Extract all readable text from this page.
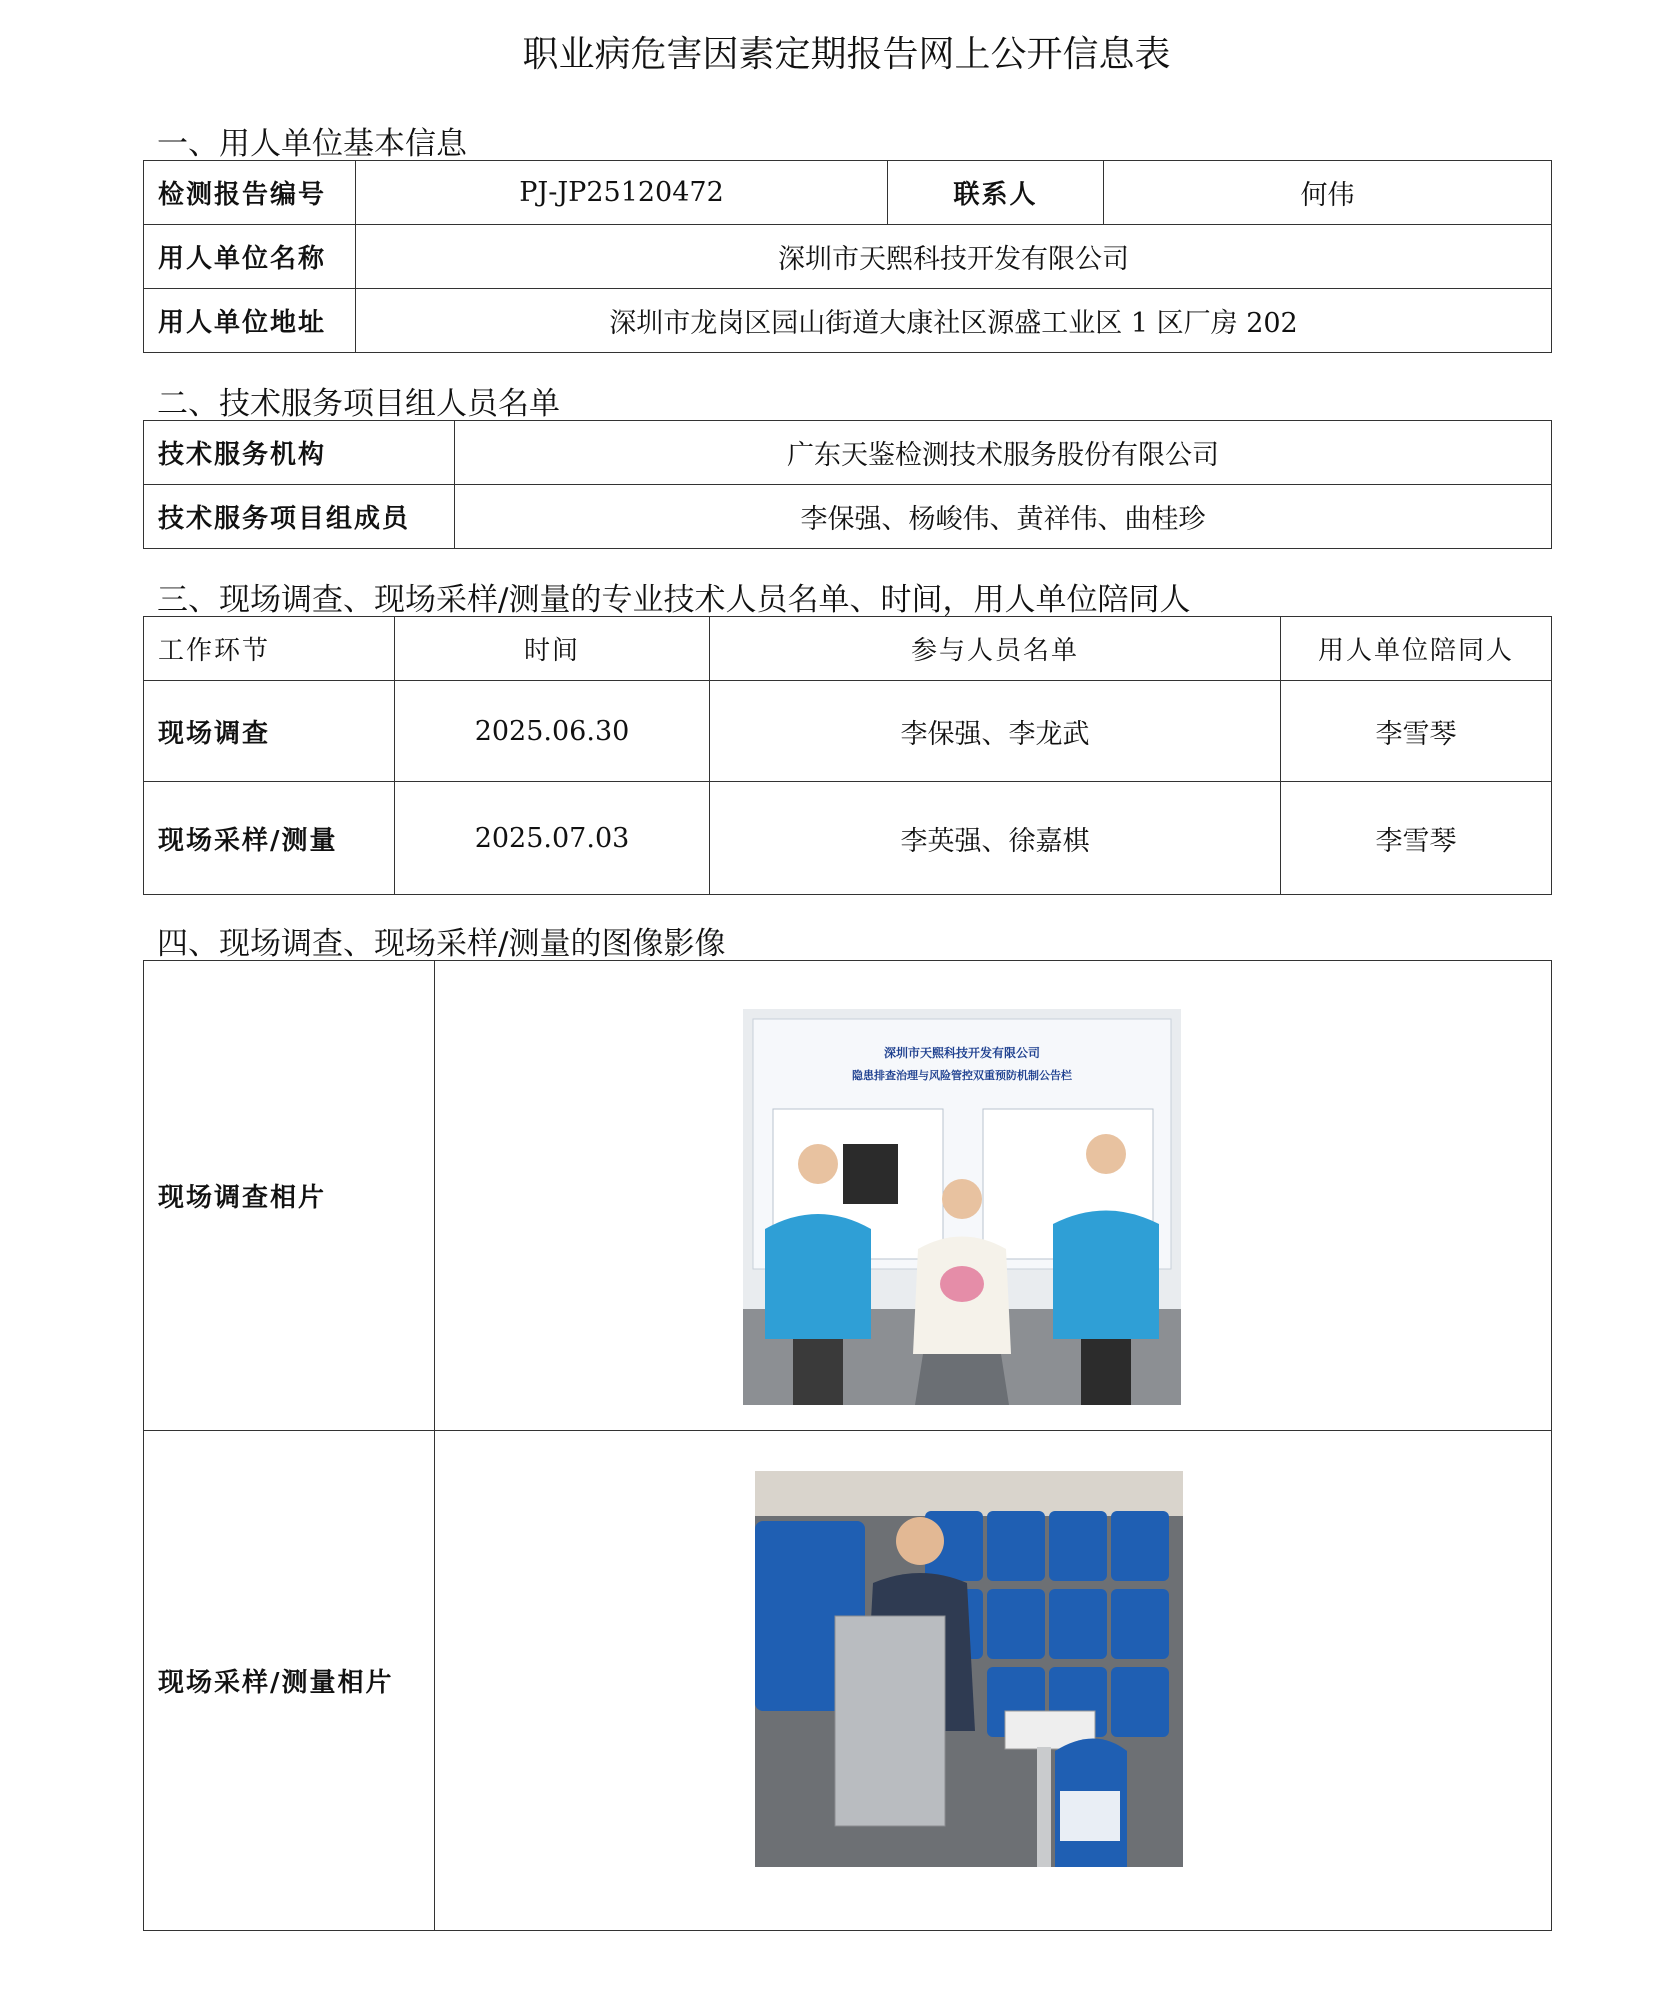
职业病危害因素定期报告网上公开信息表
一、用人单位基本信息
检测报告编号	PJ-JP25120472	联系人	何伟
用人单位名称	深圳市天熙科技开发有限公司		
用人单位地址	深圳市龙岗区园山街道大康社区源盛工业区 1 区厂房 202		
二、技术服务项目组人员名单
技术服务机构	广东天鉴检测技术服务股份有限公司
技术服务项目组成员	李保强、杨峻伟、黄祥伟、曲桂珍
三、现场调查、现场采样/测量的专业技术人员名单、时间，用人单位陪同人
工作环节	时间	参与人员名单	用人单位陪同人
现场调查	2025.06.30	李保强、李龙武	李雪琴
现场采样/测量	2025.07.03	李英强、徐嘉棋	李雪琴
四、现场调查、现场采样/测量的图像影像
现场调查相片	深圳市天熙科技开发有限公司
隐患排查治理与风险管控双重预防机制公告栏

现场采样/测量相片	
